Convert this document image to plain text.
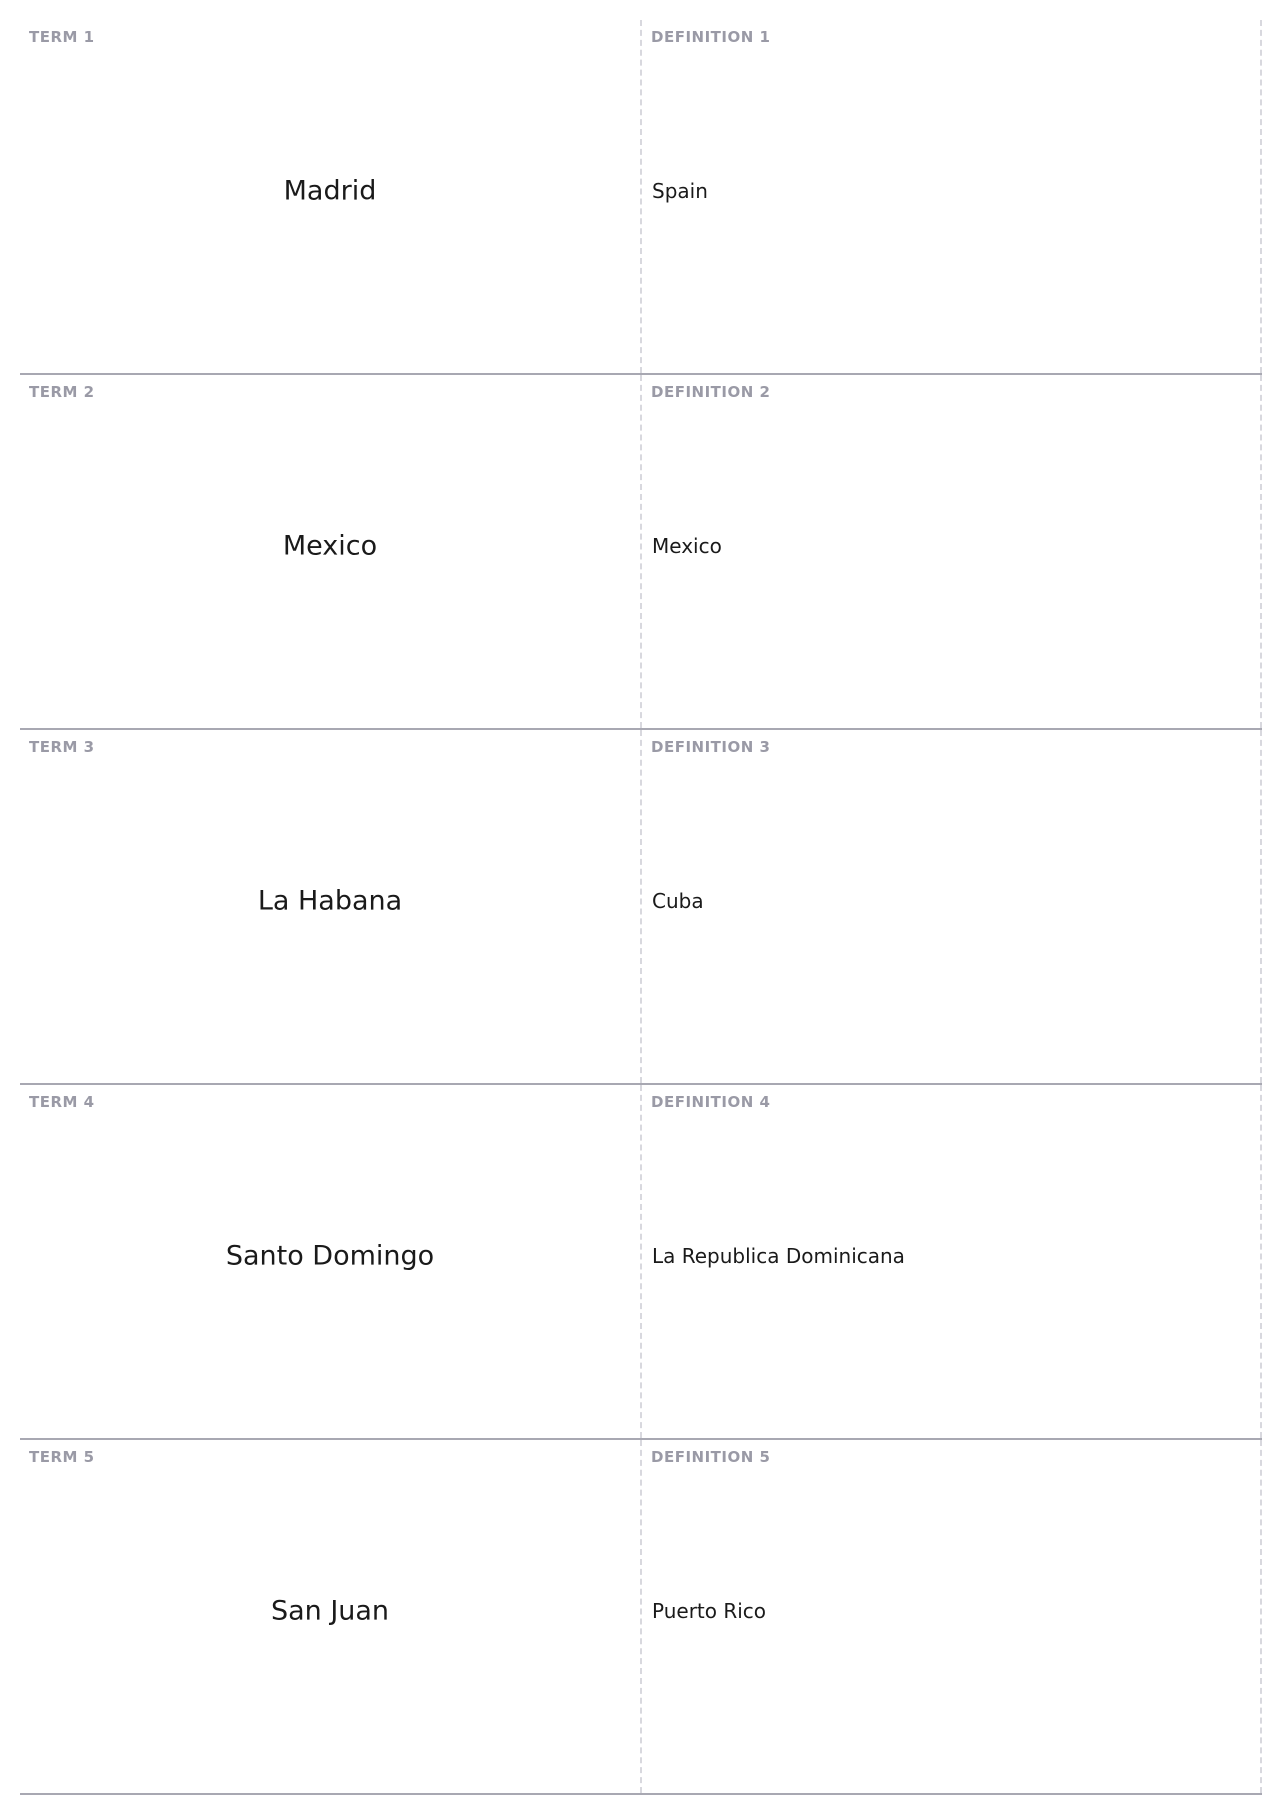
TERM 1
Madrid
DEFINITION 1
Spain
TERM 2
Mexico
DEFINITION 2
Mexico
TERM 3
La Habana
DEFINITION 3
Cuba
TERM 4
Santo Domingo
DEFINITION 4
La Republica Dominicana
TERM 5
San Juan
DEFINITION 5
Puerto Rico
